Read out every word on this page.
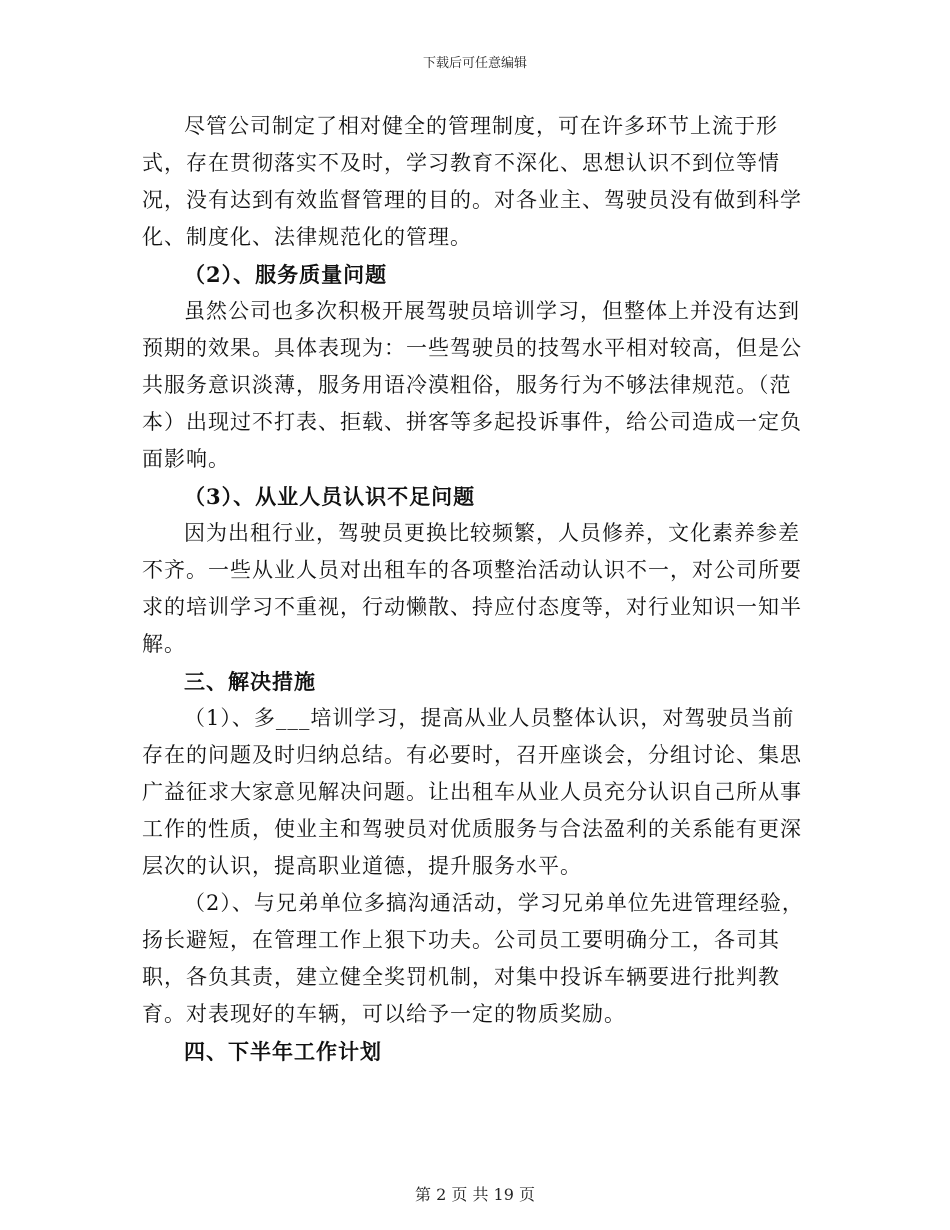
下载后可任意编辑

尽管公司制定了相对健全的管理制度，可在许多环节上流于形式，存在贯彻落实不及时，学习教育不深化、思想认识不到位等情况，没有达到有效监督管理的目的。对各业主、驾驶员没有做到科学化、制度化、法律规范化的管理。

（2）、服务质量问题

虽然公司也多次积极开展驾驶员培训学习，但整体上并没有达到预期的效果。具体表现为：一些驾驶员的技驾水平相对较高，但是公共服务意识淡薄，服务用语冷漠粗俗，服务行为不够法律规范。（范本）出现过不打表、拒载、拼客等多起投诉事件，给公司造成一定负面影响。

（3）、从业人员认识不足问题

因为出租行业，驾驶员更换比较频繁，人员修养，文化素养参差不齐。一些从业人员对出租车的各项整治活动认识不一，对公司所要求的培训学习不重视，行动懒散、持应付态度等，对行业知识一知半解。

三、解决措施

（1）、多___培训学习，提高从业人员整体认识，对驾驶员当前存在的问题及时归纳总结。有必要时，召开座谈会，分组讨论、集思广益征求大家意见解决问题。让出租车从业人员充分认识自己所从事工作的性质，使业主和驾驶员对优质服务与合法盈利的关系能有更深层次的认识，提高职业道德，提升服务水平。

（2）、与兄弟单位多搞沟通活动，学习兄弟单位先进管理经验，扬长避短，在管理工作上狠下功夫。公司员工要明确分工，各司其职，各负其责，建立健全奖罚机制，对集中投诉车辆要进行批判教育。对表现好的车辆，可以给予一定的物质奖励。

四、下半年工作计划

第 2 页 共 19 页
